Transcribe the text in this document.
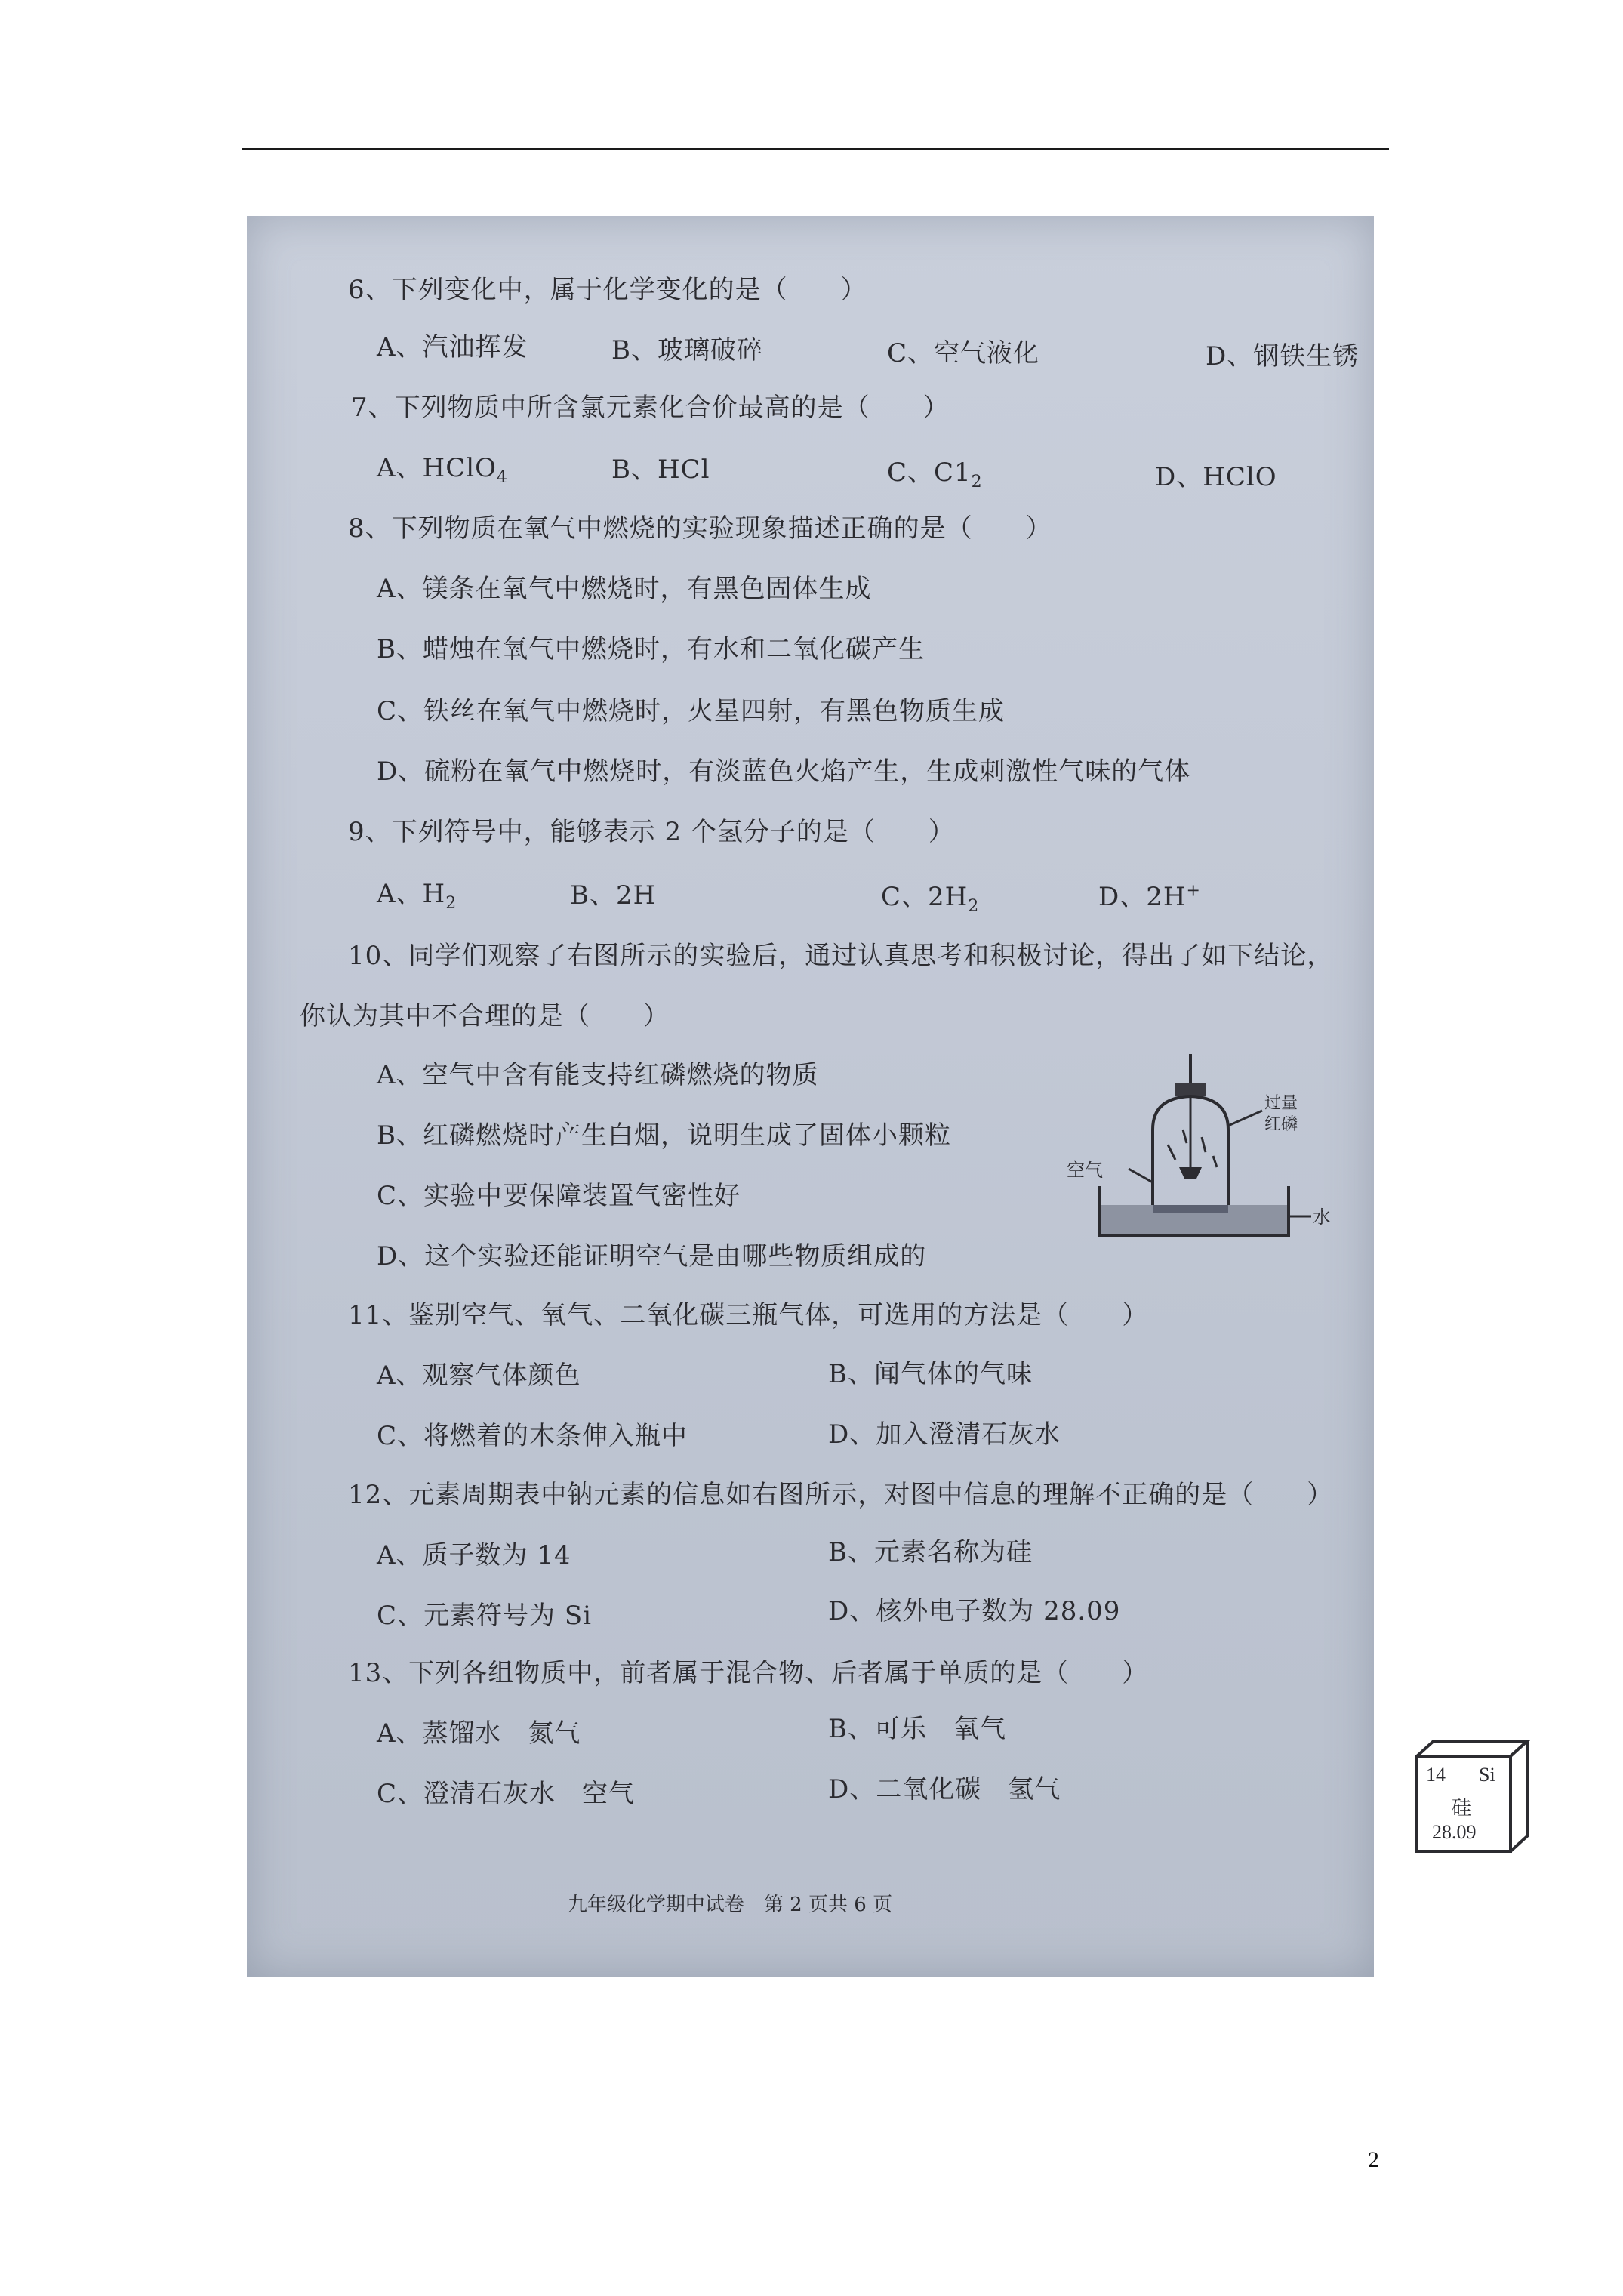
6、下列变化中，属于化学变化的是（　　）
A、汽油挥发	B、玻璃破碎	C、空气液化	D、钢铁生锈
7、下列物质中所含氯元素化合价最高的是（　　）
A、HClO$_4$	B、HCl	C、$C1_2$	D、HClO
8、下列物质在氧气中燃烧的实验现象描述正确的是（　　）
A、镁条在氧气中燃烧时，有黑色固体生成
B、蜡烛在氧气中燃烧时，有水和二氧化碳产生
C、铁丝在氧气中燃烧时，火星四射，有黑色物质生成
D、硫粉在氧气中燃烧时，有淡蓝色火焰产生，生成刺激性气味的气体
9、下列符号中，能够表示 2 个氢分子的是（　　）
A、$H_2$	B、2H	C、$2H_2$	D、2H+
10、同学们观察了右图所示的实验后，通过认真思考和积极讨论，得出了如下结论，
你认为其中不合理的是（　　）
A、空气中含有能支持红磷燃烧的物质
B、红磷燃烧时产生白烟，说明生成了固体小颗粒
C、实验中要保障装置气密性好
D、这个实验还能证明空气是由哪些物质组成的
空气
过量
红磷
水
11、鉴别空气、氧气、二氧化碳三瓶气体，可选用的方法是（　　）
A、观察气体颜色	B、闻气体的气味
C、将燃着的木条伸入瓶中	D、加入澄清石灰水
12、元素周期表中钠元素的信息如右图所示，对图中信息的理解不正确的是（　　）
A、质子数为 14	B、元素名称为硅
C、元素符号为 Si	D、核外电子数为 28.09
14 Si
硅
28.09
13、下列各组物质中，前者属于混合物、后者属于单质的是（　　）
A、蒸馏水　氮气	B、可乐　氧气
C、澄清石灰水　空气	D、二氧化碳　氢气
九年级化学期中试卷　第 2 页共 6 页
2
